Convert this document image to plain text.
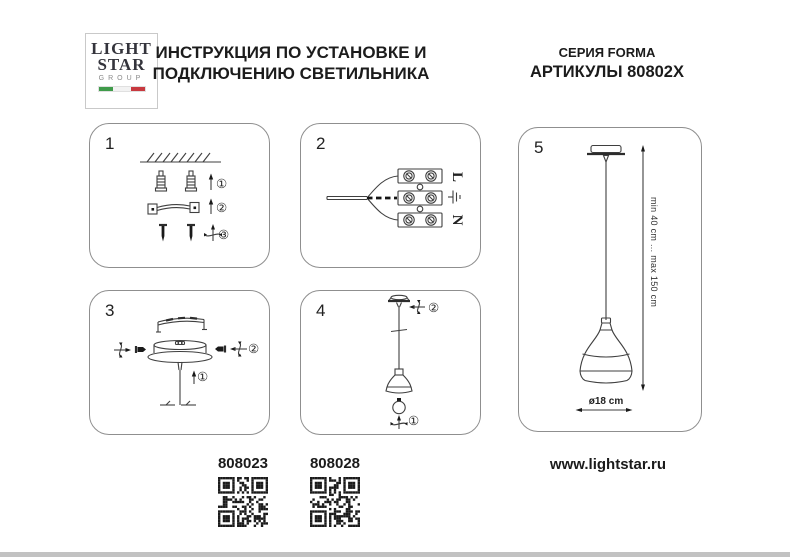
LIGHT
STAR
GROUP
ИНСТРУКЦИЯ ПО УСТАНОВКЕ И
ПОДКЛЮЧЕНИЮ СВЕТИЛЬНИКА
СЕРИЯ FORMA
АРТИКУЛЫ 80802X
1
①
②
③
2
L
N
3
①
②
4	②
①
5
min 40 cm ... max 150 cm
ø18 cm
808023	808028	www.lightstar.ru
